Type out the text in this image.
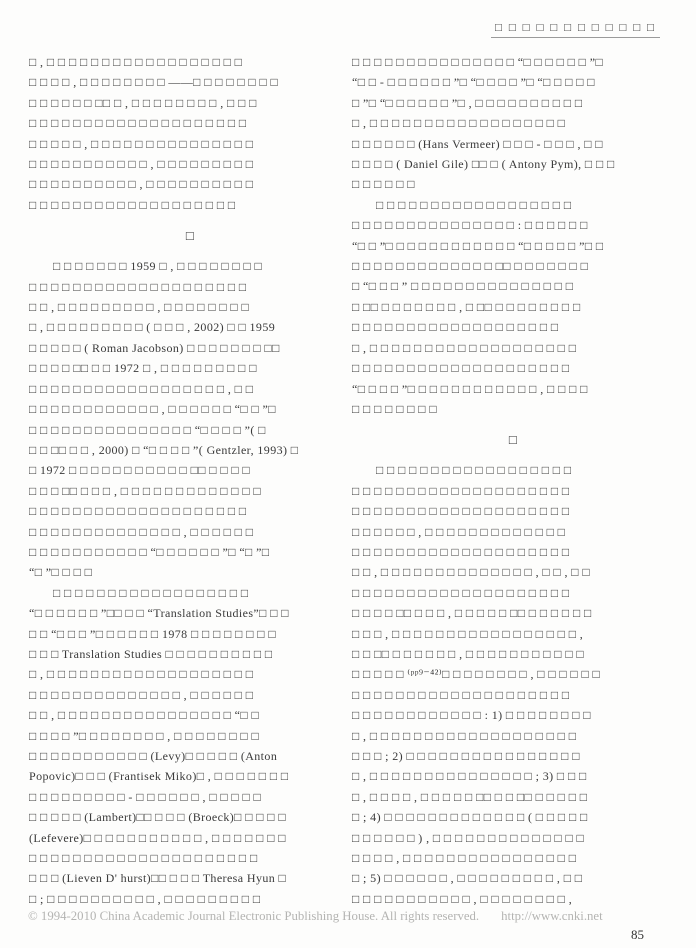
□ □ □ □ □ □ □ □ □ □ □ □
□ , □ □ □ □ □ □ □ □ □ □ □ □ □ □ □ □ □ □
□ □ □ □ , □ □ □ □ □ □ □ □ ——□ □ □ □ □ □ □ □
□ □ □ □ □ □ □□ □ , □ □ □ □ □ □ □ □ , □ □ □
□ □ □ □ □ □ □ □ □ □ □ □ □ □ □ □ □ □ □ □
□ □ □ □ □ , □ □ □ □ □ □ □ □ □ □ □ □ □ □ □
□ □ □ □ □ □ □ □ □ □ □ , □ □ □ □ □ □ □ □ □
□ □ □ □ □ □ □ □ □ □ , □ □ □ □ □ □ □ □ □ □
□ □ □ □ □ □ □ □ □ □ □ □ □ □ □ □ □ □ □
□
□ □ □ □ □ □ □ 1959 □ , □ □ □ □ □ □ □ □
□ □ □ □ □ □ □ □ □ □ □ □ □ □ □ □ □ □ □ □
□ □ , □ □ □ □ □ □ □ □ □ , □ □ □ □ □ □ □ □
□ , □ □ □ □ □ □ □ □ □ ( □ □ □ , 2002) □ □ 1959
□ □ □ □ □ ( Roman Jacobson) □ □ □ □ □ □ □ □□
□ □ □ □ □□ □ □ 1972 □ , □ □ □ □ □ □ □ □ □
□ □ □ □ □ □ □ □ □ □ □ □ □ □ □ □ □ □ , □ □
□ □ □ □ □ □ □ □ □ □ □ □ , □ □ □ □ □ □ “□ □ ”□
□ □ □ □ □ □ □ □ □ □ □ □ □ □ □ “□ □ □ □ ”( □
□ □ □□ □ □ , 2000) □ “□ □ □ □ ”( Gentzler, 1993) □
□ 1972 □ □ □ □ □ □ □ □ □ □ □ □□ □ □ □ □
□ □ □ □□ □ □ □ , □ □ □ □ □ □ □ □ □ □ □ □ □
□ □ □ □ □ □ □ □ □ □ □ □ □ □ □ □ □ □ □ □
□ □ □ □ □ □ □ □ □ □ □ □ □ □ , □ □ □ □ □ □
□ □ □ □ □ □ □ □ □ □ □ “□ □ □ □ □ □ ”□ “□ ”□
“□ ”□ □ □ □
□ □ □ □ □ □ □ □ □ □ □ □ □ □ □ □ □ □
“□ □ □ □ □ □ ”□□ □ □ “Translation Studies”□ □ □
□ □ “□ □ □ ”□ □ □ □ □ □ 1978 □ □ □ □ □ □ □ □
□ □ □ Translation Studies □ □ □ □ □ □ □ □ □ □
□ , □ □ □ □ □ □ □ □ □ □ □ □ □ □ □ □ □ □ □
□ □ □ □ □ □ □ □ □ □ □ □ □ □ , □ □ □ □ □ □
□ □ , □ □ □ □ □ □ □ □ □ □ □ □ □ □ □ □ “□ □
□ □ □ □ ”□ □ □ □ □ □ □ □ , □ □ □ □ □ □ □ □
□ □ □ □ □ □ □ □ □ □ □ (Levy)□ □ □ □ □ (Anton
Popovic)□ □ □ (Frantisek Miko)□ , □ □ □ □ □ □ □
□ □ □ □ □ □ □ □ □ - □ □ □ □ □ □ , □ □ □ □ □
□ □ □ □ □ (Lambert)□□ □ □ □ (Broeck)□ □ □ □ □
(Lefevere)□ □ □ □ □ □ □ □ □ □ □ , □ □ □ □ □ □ □
□ □ □ □ □ □ □ □ □ □ □ □ □ □ □ □ □ □ □ □ □
□ □ □ (Lieven D' hurst)□□ □ □ □ Theresa Hyun □
□ ; □ □ □ □ □ □ □ □ □ □ , □ □ □ □ □ □ □ □ □
□ □ □ □ □ □ □ □ □ □ □ □ □ □ □ “□ □ □ □ □ □ ”□
“□ □ - □ □ □ □ □ □ ”□ “□ □ □ □ ”□ “□ □ □ □ □
□ ”□ “□ □ □ □ □ □ ”□ , □ □ □ □ □ □ □ □ □ □
□ , □ □ □ □ □ □ □ □ □ □ □ □ □ □ □ □ □ □
□ □ □ □ □ □ (Hans Vermeer) □ □ □ - □ □ □ , □ □
□ □ □ □ ( Daniel Gile) □□ □ ( Antony Pym), □ □ □
□ □ □ □ □ □
□ □ □ □ □ □ □ □ □ □ □ □ □ □ □ □ □ □
□ □ □ □ □ □ □ □ □ □ □ □ □ □ □ : □ □ □ □ □ □
“□ □ ”□ □ □ □ □ □ □ □ □ □ □ □ “□ □ □ □ □ ”□ □
□ □ □ □ □ □ □ □ □ □ □ □ □ □□ □ □ □ □ □ □ □
□ “□ □ □ ” □ □ □ □ □ □ □ □ □ □ □ □ □ □ □
□ □□ □ □ □ □ □ □ □ , □ □□ □ □ □ □ □ □ □ □
□ □ □ □ □ □ □ □ □ □ □ □ □ □ □ □ □ □ □
□ , □ □ □ □ □ □ □ □ □ □ □ □ □ □ □ □ □ □ □
□ □ □ □ □ □ □ □ □ □ □ □ □ □ □ □ □ □ □ □
“□ □ □ □ ”□ □ □ □ □ □ □ □ □ □ □ □ , □ □ □ □
□ □ □ □ □ □ □ □
□
□ □ □ □ □ □ □ □ □ □ □ □ □ □ □ □ □ □
□ □ □ □ □ □ □ □ □ □ □ □ □ □ □ □ □ □ □ □
□ □ □ □ □ □ □ □ □ □ □ □ □ □ □ □ □ □ □ □
□ □ □ □ □ □ , □ □ □ □ □ □ □ □ □ □ □ □ □
□ □ □ □ □ □ □ □ □ □ □ □ □ □ □ □ □ □ □ □
□ □ , □ □ □ □ □ □ □ □ □ □ □ □ □ □ , □ □ , □ □
□ □ □ □ □ □ □ □ □ □ □ □ □ □ □ □ □ □ □ □
□ □ □ □ □□ □ □ □ , □ □ □ □ □ □□ □ □ □ □ □ □
□ □ □ , □ □ □ □ □ □ □ □ □ □ □ □ □ □ □ □ □ ,
□ □ □□ □ □ □ □ □ □ , □ □ □ □ □ □ □ □ □ □ □
□ □ □ □ □ ⁽ᵖᵖ⁹⁻⁴²⁾□ □ □ □ □ □ □ □ , □ □ □ □ □ □
□ □ □ □ □ □ □ □ □ □ □ □ □ □ □ □ □ □ □ □
□ □ □ □ □ □ □ □ □ □ □ □ : 1) □ □ □ □ □ □ □ □
□ , □ □ □ □ □ □ □ □ □ □ □ □ □ □ □ □ □ □ □
□ □ □ ; 2) □ □ □ □ □ □ □ □ □ □ □ □ □ □ □ □
□ , □ □ □ □ □ □ □ □ □ □ □ □ □ □ □ ; 3) □ □ □
□ , □ □ □ □ , □ □ □ □ □ □□ □ □ □□ □ □ □ □ □
□ ; 4) □ □ □ □ □ □ □ □ □ □ □ □ □ ( □ □ □ □ □
□ □ □ □ □ □ ) , □ □ □ □ □ □ □ □ □ □ □ □ □ □
□ □ □ □ , □ □ □ □ □ □ □ □ □ □ □ □ □ □ □ □
□ ; 5) □ □ □ □ □ □ , □ □ □ □ □ □ □ □ □ , □ □
□ □ □ □ □ □ □ □ □ □ □ , □ □ □ □ □ □ □ □ ,
© 1994-2010 China Academic Journal Electronic Publishing House. All rights reserved. http://www.cnki.net
85
